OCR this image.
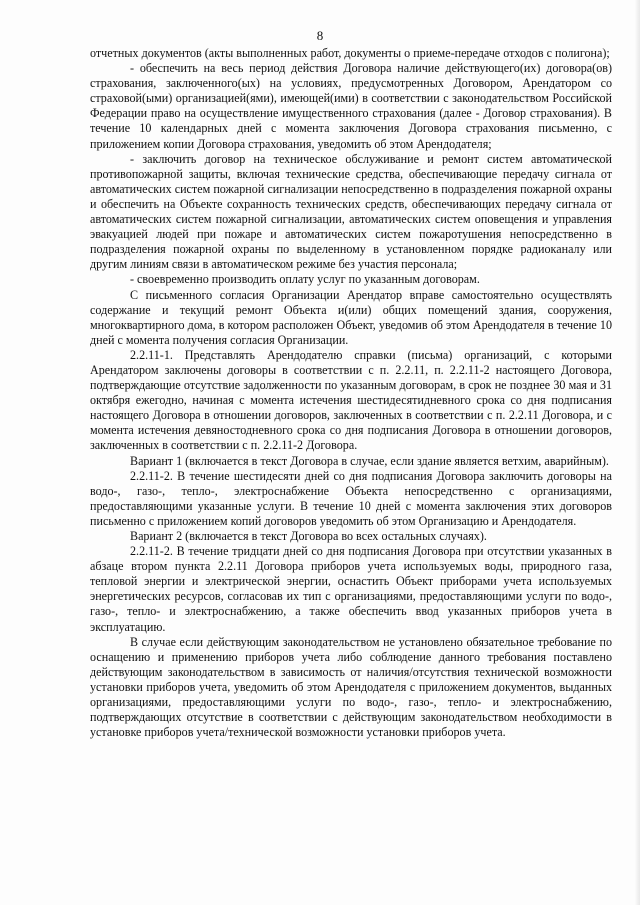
8

отчетных документов (акты выполненных работ, документы о приеме-передаче отходов с полигона);

- обеспечить на весь период действия Договора наличие действующего(их) договора(ов) страхования, заключенного(ых) на условиях, предусмотренных Договором, Арендатором со страховой(ыми) организацией(ями), имеющей(ими) в соответствии с законодательством Российской Федерации право на осуществление имущественного страхования (далее - Договор страхования). В течение 10 календарных дней с момента заключения Договора страхования письменно, с приложением копии Договора страхования, уведомить об этом Арендодателя;

- заключить договор на техническое обслуживание и ремонт систем автоматической противопожарной защиты, включая технические средства, обеспечивающие передачу сигнала от автоматических систем пожарной сигнализации непосредственно в подразделения пожарной охраны и обеспечить на Объекте сохранность технических средств, обеспечивающих передачу сигнала от автоматических систем пожарной сигнализации, автоматических систем оповещения и управления эвакуацией людей при пожаре и автоматических систем пожаротушения непосредственно в подразделения пожарной охраны по выделенному в установленном порядке радиоканалу или другим линиям связи в автоматическом режиме без участия персонала;

- своевременно производить оплату услуг по указанным договорам.

С письменного согласия Организации Арендатор вправе самостоятельно осуществлять содержание и текущий ремонт Объекта и(или) общих помещений здания, сооружения, многоквартирного дома, в котором расположен Объект, уведомив об этом Арендодателя в течение 10 дней с момента получения согласия Организации.

2.2.11-1. Представлять Арендодателю справки (письма) организаций, с которыми Арендатором заключены договоры в соответствии с п. 2.2.11, п. 2.2.11-2 настоящего Договора, подтверждающие отсутствие задолженности по указанным договорам, в срок не позднее 30 мая и 31 октября ежегодно, начиная с момента истечения шестидесятидневного срока со дня подписания настоящего Договора в отношении договоров, заключенных в соответствии с п. 2.2.11 Договора, и с момента истечения девяностодневного срока со дня подписания Договора в отношении договоров, заключенных в соответствии с п. 2.2.11-2 Договора.

Вариант 1 (включается в текст Договора в случае, если здание является ветхим, аварийным).

2.2.11-2. В течение шестидесяти дней со дня подписания Договора заключить договоры на водо-, газо-, тепло-, электроснабжение Объекта непосредственно с организациями, предоставляющими указанные услуги. В течение 10 дней с момента заключения этих договоров письменно с приложением копий договоров уведомить об этом Организацию и Арендодателя.

Вариант 2 (включается в текст Договора во всех остальных случаях).

2.2.11-2. В течение тридцати дней со дня подписания Договора при отсутствии указанных в абзаце втором пункта 2.2.11 Договора приборов учета используемых воды, природного газа, тепловой энергии и электрической энергии, оснастить Объект приборами учета используемых энергетических ресурсов, согласовав их тип с организациями, предоставляющими услуги по водо-, газо-, тепло- и электроснабжению, а также обеспечить ввод указанных приборов учета в эксплуатацию.

В случае если действующим законодательством не установлено обязательное требование по оснащению и применению приборов учета либо соблюдение данного требования поставлено действующим законодательством в зависимость от наличия/отсутствия технической возможности установки приборов учета, уведомить об этом Арендодателя с приложением документов, выданных организациями, предоставляющими услуги по водо-, газо-, тепло- и электроснабжению, подтверждающих отсутствие в соответствии с действующим законодательством необходимости в установке приборов учета/технической возможности установки приборов учета.
